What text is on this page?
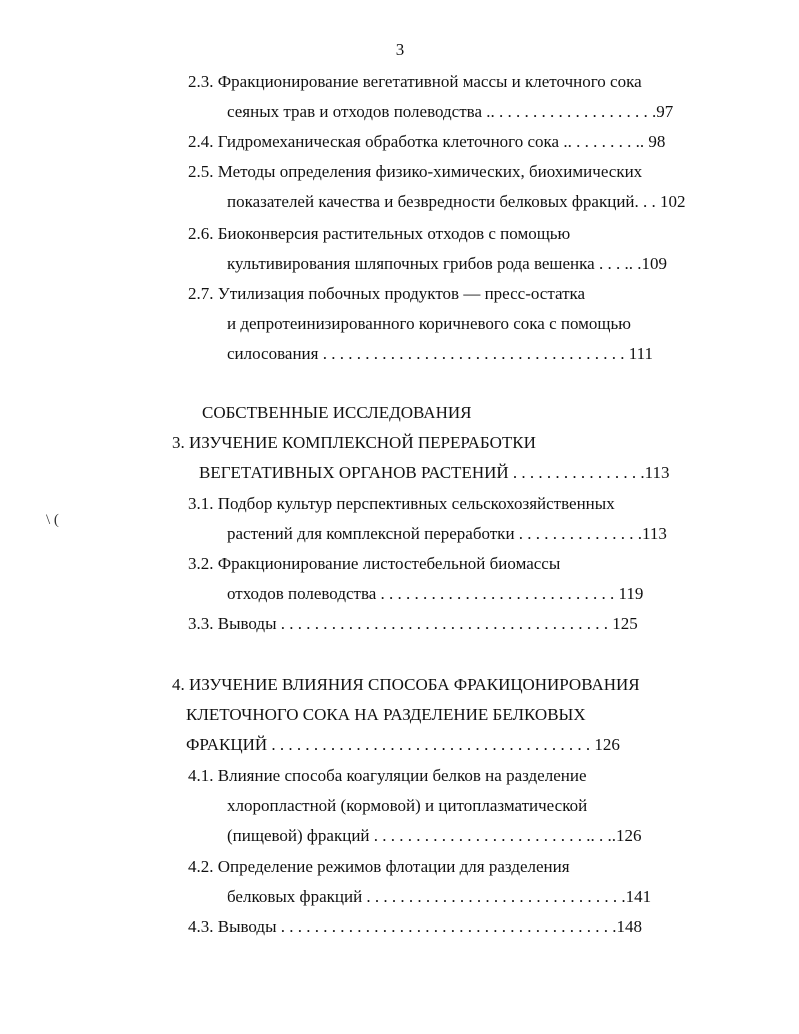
3
\ (
2.3. Фракционирование вегетативной массы и клеточного сока
сеяных трав и отходов полеводства .. . . . . . . . . . . . . . . . . . . .97
2.4. Гидромеханическая обработка клеточного сока .. . . . . . . . .. 98
2.5. Методы определения физико-химических, биохимических
показателей качества и безвредности белковых фракций. . . 102
2.6. Биоконверсия растительных отходов с помощью
культивирования шляпочных грибов рода вешенка . . . .. .109
2.7. Утилизация побочных продуктов — пресс-остатка
и депротеинизированного коричневого сока с помощью
силосования . . . . . . . . . . . . . . . . . . . . . . . . . . . . . . . . . . . . 111
СОБСТВЕННЫЕ ИССЛЕДОВАНИЯ
3. ИЗУЧЕНИЕ КОМПЛЕКСНОЙ ПЕРЕРАБОТКИ
ВЕГЕТАТИВНЫХ ОРГАНОВ РАСТЕНИЙ . . . . . . . . . . . . . . . .113
3.1. Подбор культур перспективных сельскохозяйственных
растений для комплексной переработки . . . . . . . . . . . . . . .113
3.2. Фракционирование листостебельной биомассы
отходов полеводства . . . . . . . . . . . . . . . . . . . . . . . . . . . . 119
3.3. Выводы . . . . . . . . . . . . . . . . . . . . . . . . . . . . . . . . . . . . . . . 125
4. ИЗУЧЕНИЕ ВЛИЯНИЯ СПОСОБА ФРАКИЦОНИРОВАНИЯ
КЛЕТОЧНОГО СОКА НА РАЗДЕЛЕНИЕ БЕЛКОВЫХ
ФРАКЦИЙ . . . . . . . . . . . . . . . . . . . . . . . . . . . . . . . . . . . . . . 126
4.1. Влияние способа коагуляции белков на разделение
хлоропластной (кормовой) и цитоплазматической
(пищевой) фракций . . . . . . . . . . . . . . . . . . . . . . . . . .. . ..126
4.2. Определение режимов флотации для разделения
белковых фракций . . . . . . . . . . . . . . . . . . . . . . . . . . . . . . .141
4.3. Выводы . . . . . . . . . . . . . . . . . . . . . . . . . . . . . . . . . . . . . . . .148
